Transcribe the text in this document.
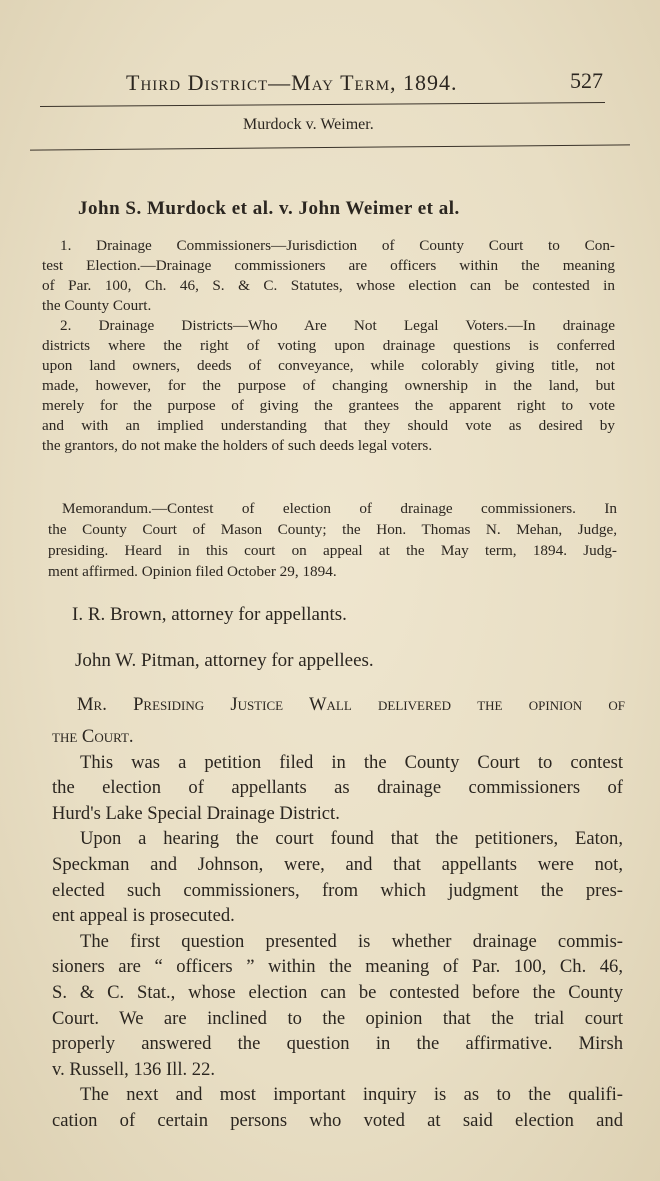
Third District—May Term, 1894.	527
Murdock v. Weimer.
John S. Murdock et al. v. John Weimer et al.
1. Drainage Commissioners—Jurisdiction of County Court to Con-
test Election.—Drainage commissioners are officers within the meaning
of Par. 100, Ch. 46, S. & C. Statutes, whose election can be contested in
the County Court.
2. Drainage Districts—Who Are Not Legal Voters.—In drainage
districts where the right of voting upon drainage questions is conferred
upon land owners, deeds of conveyance, while colorably giving title, not
made, however, for the purpose of changing ownership in the land, but
merely for the purpose of giving the grantees the apparent right to vote
and with an implied understanding that they should vote as desired by
the grantors, do not make the holders of such deeds legal voters.
Memorandum.—Contest of election of drainage commissioners. In
the County Court of Mason County; the Hon. Thomas N. Mehan, Judge,
presiding. Heard in this court on appeal at the May term, 1894. Judg-
ment affirmed. Opinion filed October 29, 1894.
I. R. Brown, attorney for appellants.
John W. Pitman, attorney for appellees.
Mr. Presiding Justice Wall delivered the opinion of
the Court.
This was a petition filed in the County Court to contest
the election of appellants as drainage commissioners of
Hurd's Lake Special Drainage District.
Upon a hearing the court found that the petitioners, Eaton,
Speckman and Johnson, were, and that appellants were not,
elected such commissioners, from which judgment the pres-
ent appeal is prosecuted.
The first question presented is whether drainage commis-
sioners are “ officers ” within the meaning of Par. 100, Ch. 46,
S. & C. Stat., whose election can be contested before the County
Court. We are inclined to the opinion that the trial court
properly answered the question in the affirmative. Mirsh
v. Russell, 136 Ill. 22.
The next and most important inquiry is as to the qualifi-
cation of certain persons who voted at said election and
